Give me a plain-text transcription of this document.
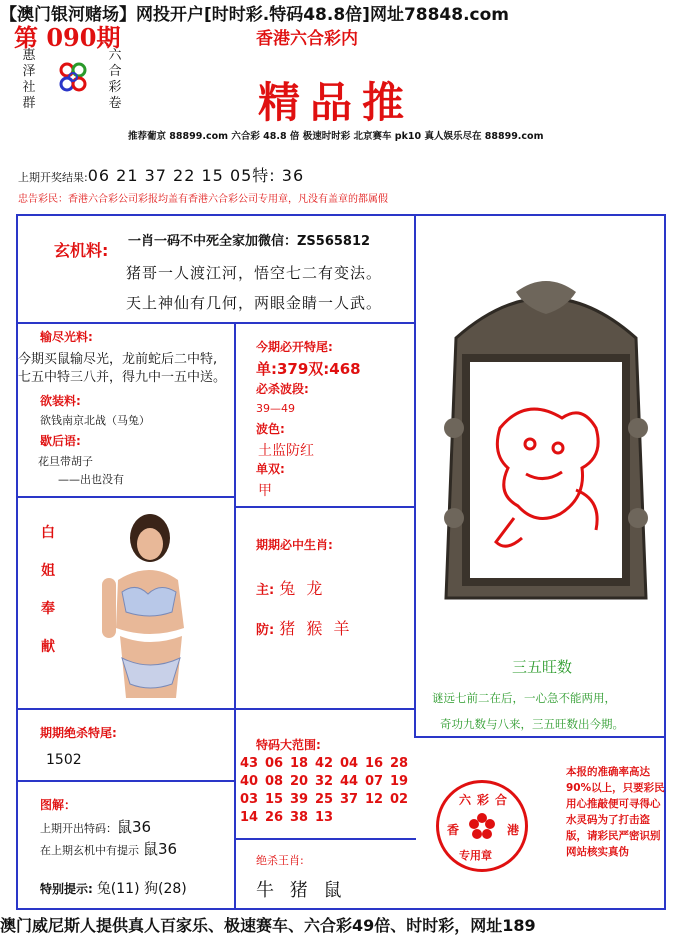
【澳门银河赌场】网投开户[时时彩.特码48.8倍]网址78848.com
第 090期	香港六合彩内
惠
泽
社
群
六
合
彩
卷	精品推
推荐葡京 88899.com 六合彩 48.8 倍 极速时时彩 北京赛车 pk10 真人娱乐尽在 88899.com
上期开奖结果:06 21 37 22 15 05特: 36
忠告彩民：香港六合彩公司彩报均盖有香港六合彩公司专用章，凡没有盖章的都属假
玄机料: 一肖一码不中死全家加微信：ZS565812
猪哥一人渡江河，悟空七二有变法。
天上神仙有几何，两眼金睛一人武。
输尽光料:
今期买鼠输尽光，龙前蛇后二中特,
七五中特三八并，得九中一五中送。
欲装料:
欲钱南京北战（马兔）
歇后语:
花旦带胡子
——出也没有
白
姐
奉
献
今期必开特尾:
单:379双:468
必杀波段:
39—49
波色:
土监防红
单双:
甲
期期必中生肖:
主: 兔 龙
防: 猪 猴 羊
期期绝杀特尾:
1502
图解：
上期开出特码：鼠36
在上期玄机中有提示 鼠36
特别提示: 兔(11) 狗(28)
特码大范围:
43 06 18 42 04 16 28
40 08 20 32 44 07 19
03 15 39 25 37 12 02
14 26 38 13
绝杀王肖:
牛 猪 鼠
三五旺数
谜远七前二在后，一心急不能两用，
奇功九数与八来，三五旺数出今期。
六彩合
香	港
专用章
本报的准确率高达 90%以上，只要彩民用心推敲便可寻得心水灵码为了打击盗版，请彩民严密识别网站核实真伪
澳门威尼斯人提供真人百家乐、极速赛车、六合彩49倍、时时彩，网址189
